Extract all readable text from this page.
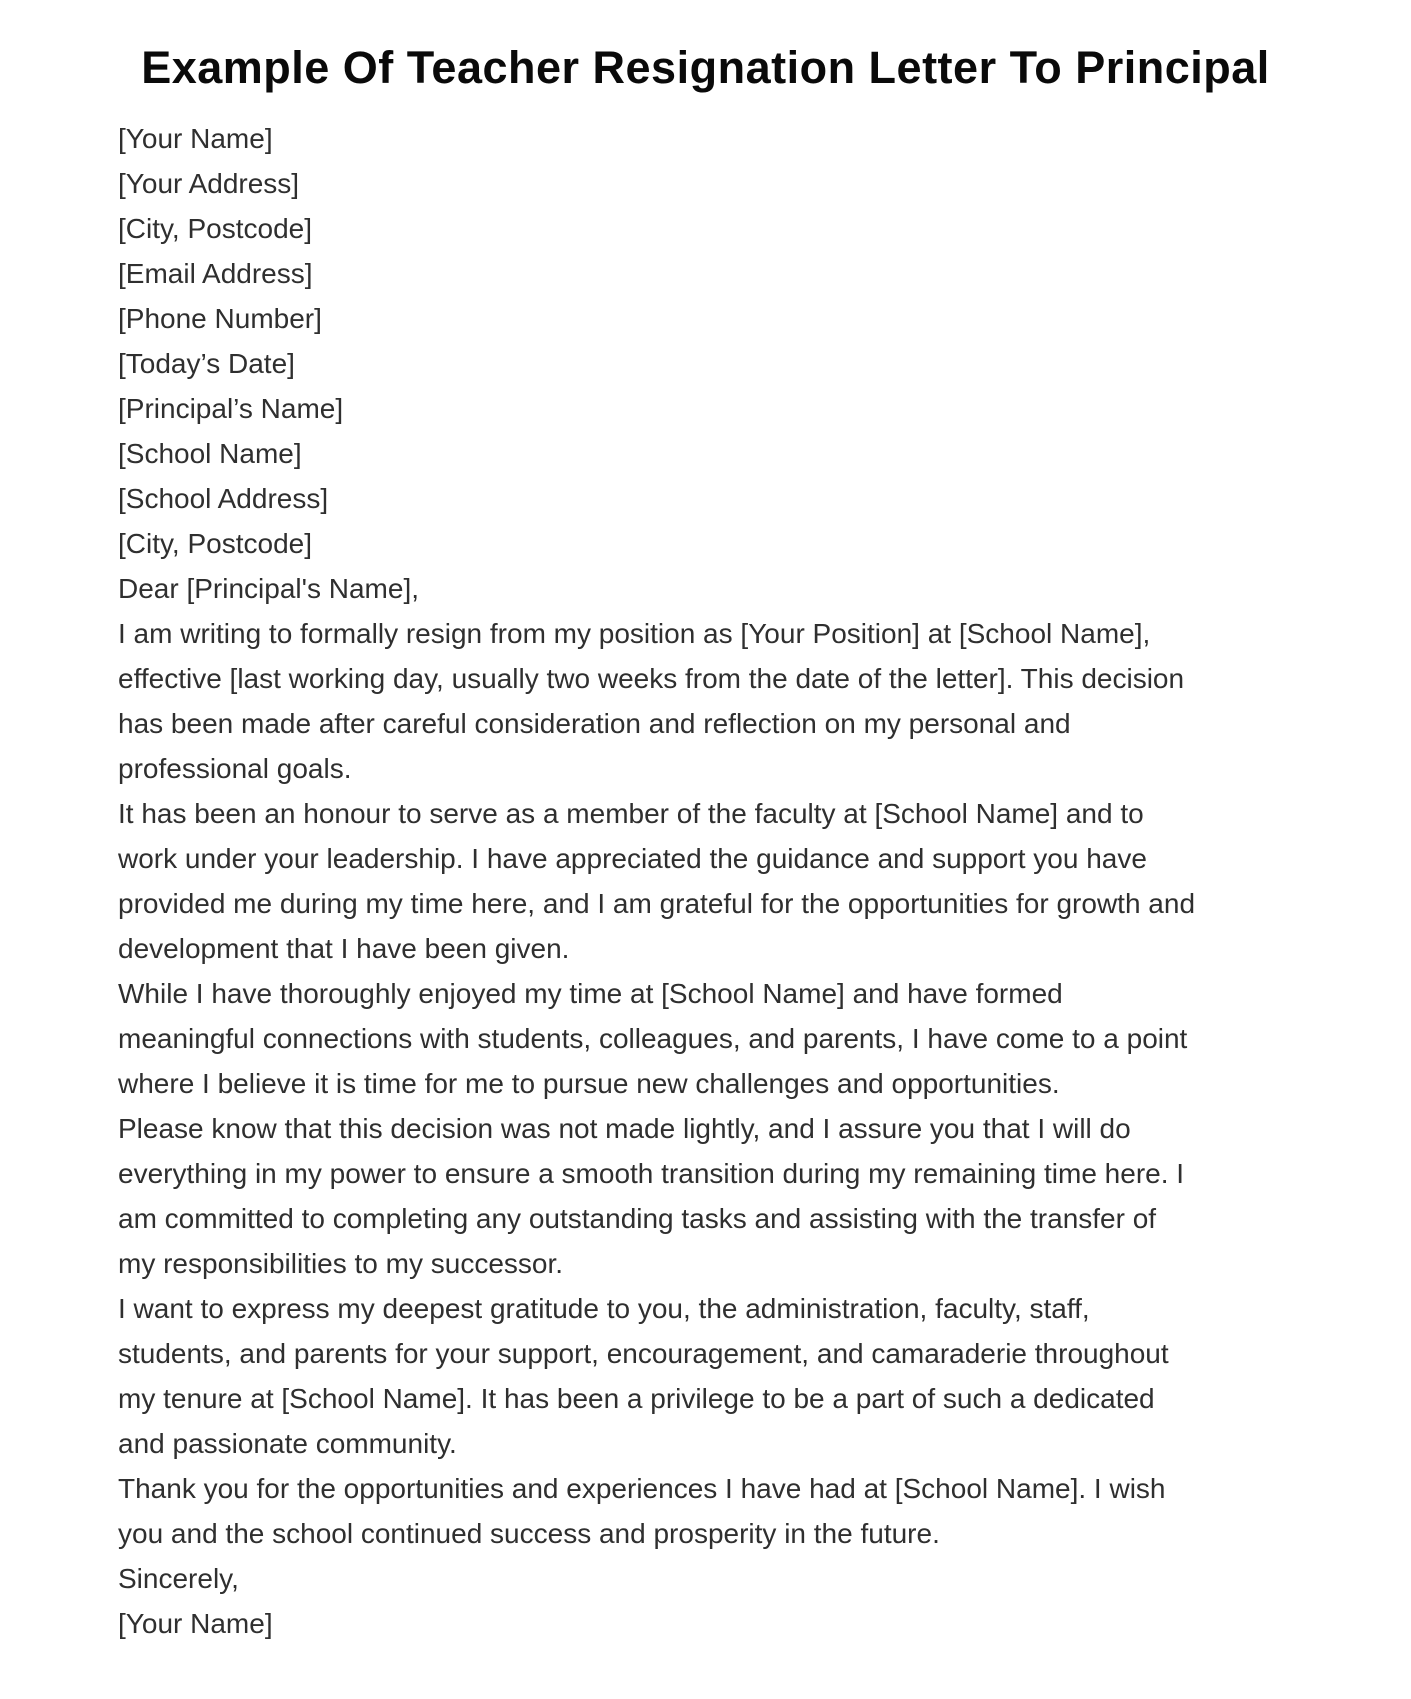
Example Of Teacher Resignation Letter To Principal

[Your Name]

[Your Address]

[City, Postcode]

[Email Address]

[Phone Number]

[Today’s Date]

[Principal’s Name]

[School Name]

[School Address]

[City, Postcode]

Dear [Principal's Name],

I am writing to formally resign from my position as [Your Position] at [School Name], effective [last working day, usually two weeks from the date of the letter]. This decision has been made after careful consideration and reflection on my personal and professional goals.

It has been an honour to serve as a member of the faculty at [School Name] and to work under your leadership. I have appreciated the guidance and support you have provided me during my time here, and I am grateful for the opportunities for growth and development that I have been given.

While I have thoroughly enjoyed my time at [School Name] and have formed meaningful connections with students, colleagues, and parents, I have come to a point where I believe it is time for me to pursue new challenges and opportunities.

Please know that this decision was not made lightly, and I assure you that I will do everything in my power to ensure a smooth transition during my remaining time here. I am committed to completing any outstanding tasks and assisting with the transfer of my responsibilities to my successor.

I want to express my deepest gratitude to you, the administration, faculty, staff, students, and parents for your support, encouragement, and camaraderie throughout my tenure at [School Name]. It has been a privilege to be a part of such a dedicated and passionate community.

Thank you for the opportunities and experiences I have had at [School Name]. I wish you and the school continued success and prosperity in the future.

Sincerely,

[Your Name]
